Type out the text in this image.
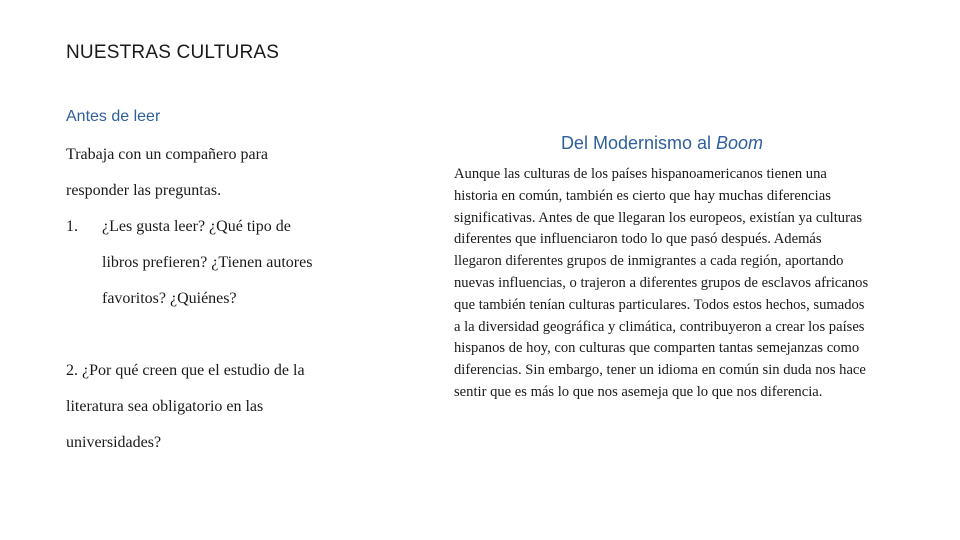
NUESTRAS CULTURAS
Antes de leer
Trabaja con un compañero para
responder las preguntas.
1. ¿Les gusta leer? ¿Qué tipo de
libros prefieren? ¿Tienen autores
favoritos? ¿Quiénes?
2. ¿Por qué creen que el estudio de la
literatura sea obligatorio en las
universidades?
Del Modernismo al Boom
Aunque las culturas de los países hispanoamericanos tienen una historia en común, también es cierto que hay muchas diferencias significativas. Antes de que llegaran los europeos, existían ya culturas diferentes que influenciaron todo lo que pasó después. Además llegaron diferentes grupos de inmigrantes a cada región, aportando nuevas influencias, o trajeron a diferentes grupos de esclavos africanos que también tenían culturas particulares. Todos estos hechos, sumados a la diversidad geográfica y climática, contribuyeron a crear los países hispanos de hoy, con culturas que comparten tantas semejanzas como diferencias. Sin embargo, tener un idioma en común sin duda nos hace sentir que es más lo que nos asemeja que lo que nos diferencia.
